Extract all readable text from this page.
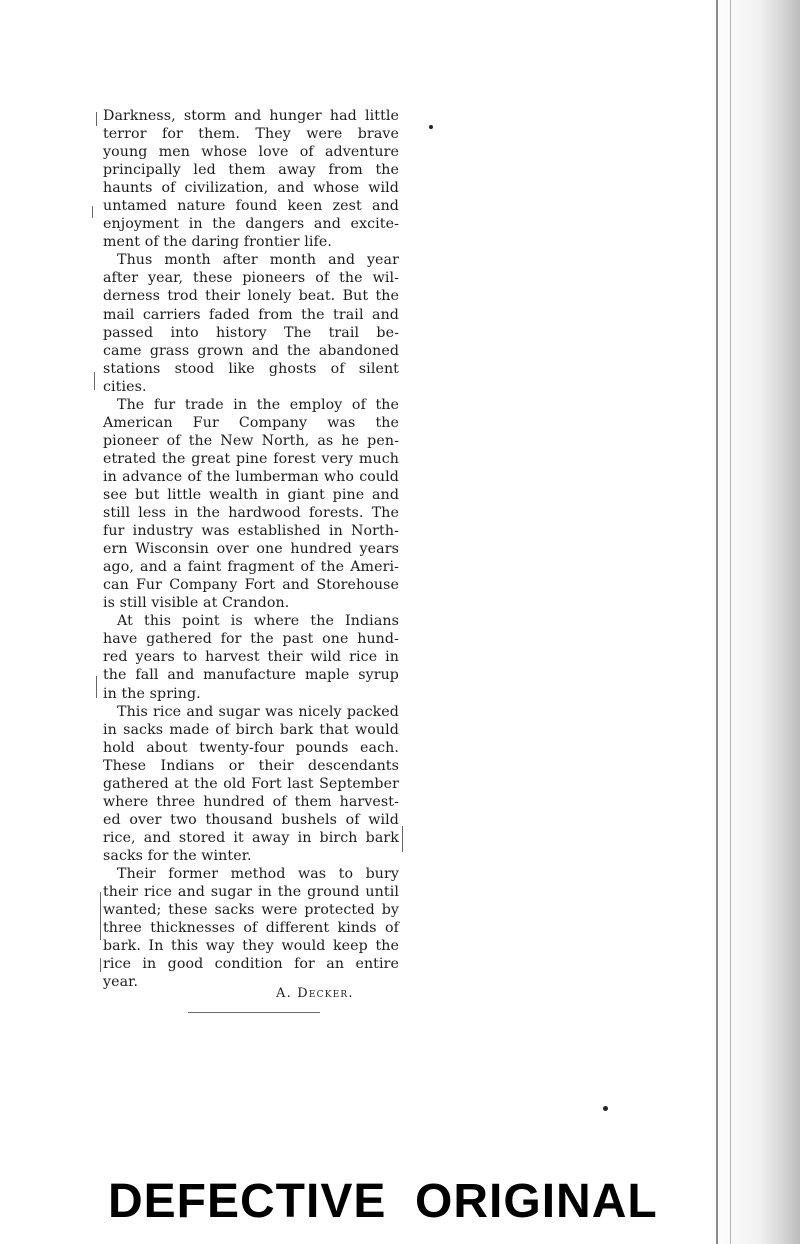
Darkness, storm and hunger had little
terror for them. They were brave
young men whose love of adventure
principally led them away from the
haunts of civilization, and whose wild
untamed nature found keen zest and
enjoyment in the dangers and excite-
ment of the daring frontier life.
Thus month after month and year
after year, these pioneers of the wil-
derness trod their lonely beat. But the
mail carriers faded from the trail and
passed into history The trail be-
came grass grown and the abandoned
stations stood like ghosts of silent
cities.
The fur trade in the employ of the
American Fur Company was the
pioneer of the New North, as he pen-
etrated the great pine forest very much
in advance of the lumberman who could
see but little wealth in giant pine and
still less in the hardwood forests. The
fur industry was established in North-
ern Wisconsin over one hundred years
ago, and a faint fragment of the Ameri-
can Fur Company Fort and Storehouse
is still visible at Crandon.
At this point is where the Indians
have gathered for the past one hund-
red years to harvest their wild rice in
the fall and manufacture maple syrup
in the spring.
This rice and sugar was nicely packed
in sacks made of birch bark that would
hold about twenty-four pounds each.
These Indians or their descendants
gathered at the old Fort last September
where three hundred of them harvest-
ed over two thousand bushels of wild
rice, and stored it away in birch bark
sacks for the winter.
Their former method was to bury
their rice and sugar in the ground until
wanted; these sacks were protected by
three thicknesses of different kinds of
bark. In this way they would keep the
rice in good condition for an entire
year.
A. Decker.
DEFECTIVE  ORIGINAL
